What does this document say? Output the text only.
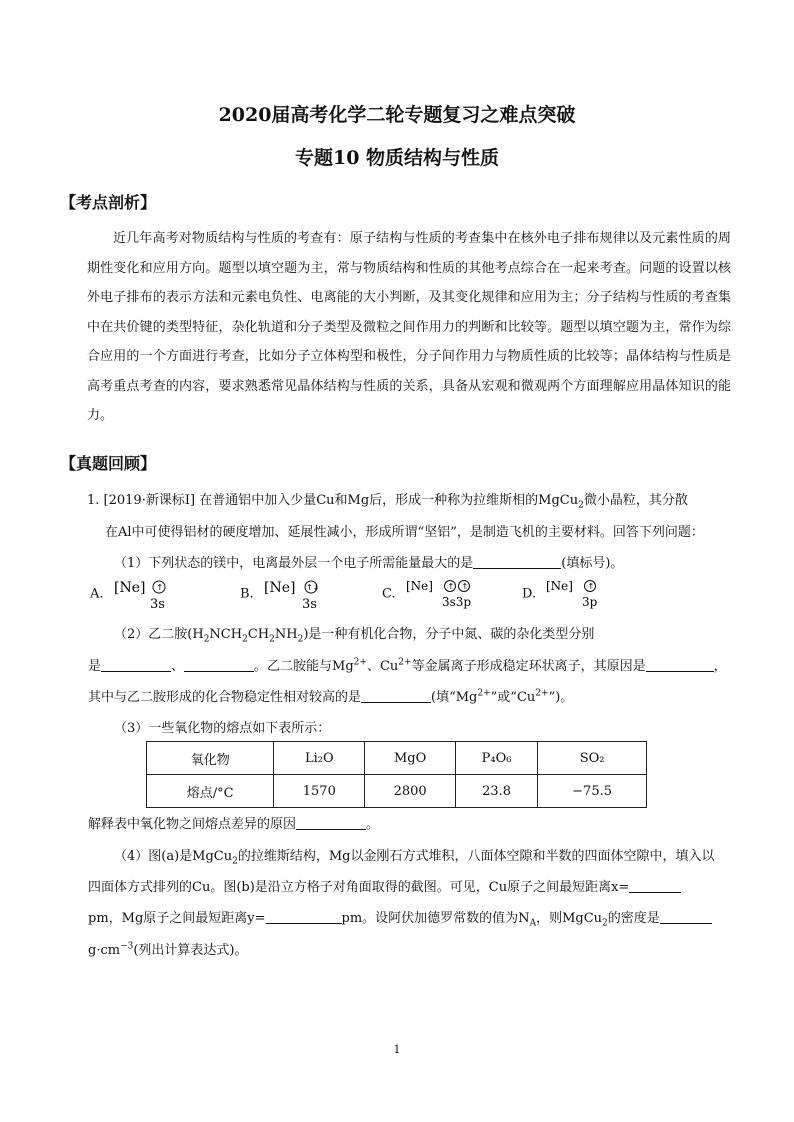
2020届高考化学二轮专题复习之难点突破
专题10 物质结构与性质
【考点剖析】

近几年高考对物质结构与性质的考查有：原子结构与性质的考查集中在核外电子排布规律以及元素性质的周期性变化和应用方向。题型以填空题为主，常与物质结构和性质的其他考点综合在一起来考查。问题的设置以核外电子排布的表示方法和元素电负性、电离能的大小判断，及其变化规律和应用为主；分子结构与性质的考查集中在共价键的类型特征，杂化轨道和分子类型及微粒之间作用力的判断和比较等。题型以填空题为主，常作为综合应用的一个方面进行考查，比如分子立体构型和极性，分子间作用力与物质性质的比较等；晶体结构与性质是高考重点考查的内容，要求熟悉常见晶体结构与性质的关系，具备从宏观和微观两个方面理解应用晶体知识的能力。

【真题回顾】
1. [2019·新课标Ⅰ] 在普通铝中加入少量Cu和Mg后，形成一种称为拉维斯相的MgCu$_2$微小晶粒，其分散
在Al中可使得铝材的硬度增加、延展性减小，形成所谓“坚铝”，是制造飞机的主要材料。回答下列问题：
（1）下列状态的镁中，电离最外层一个电子所需能量最大的是	(填标号)。
A. [Ne] ↑
3s
B. [Ne] ↑↓
3s
C.
[Ne] ↑ ↑
3s3p
D.
[Ne] ↑
3p
（2）乙二胺$(H_2NCH_2CH_2NH_2)$是一种有机化合物，分子中氮、碳的杂化类型分别
是	、	。乙二胺能与$Mg^{2+}$、$Cu^{2+}$等金属离子形成稳定环状离子，其原因是	，
其中与乙二胺形成的化合物稳定性相对较高的是	(填“$Mg^{2+}$”或“$Cu^{2+}$”)。
（3）一些氧化物的熔点如下表所示：
氧化物	Li₂O	MgO	P₄O₆	SO₂
熔点/°C	1570	2800	23.8	−75.5
解释表中氧化物之间熔点差异的原因	。
（4）图(a)是MgCu$_2$的拉维斯结构，Mg以金刚石方式堆积，八面体空隙和半数的四面体空隙中，填入以
四面体方式排列的Cu。图(b)是沿立方格子对角面取得的截图。可见，Cu原子之间最短距离x=
pm，Mg原子之间最短距离y=	pm。设阿伏加德罗常数的值为$N_A$，则MgCu$_2$的密度是
$g\cdot cm^{-3}$(列出计算表达式)。
1
